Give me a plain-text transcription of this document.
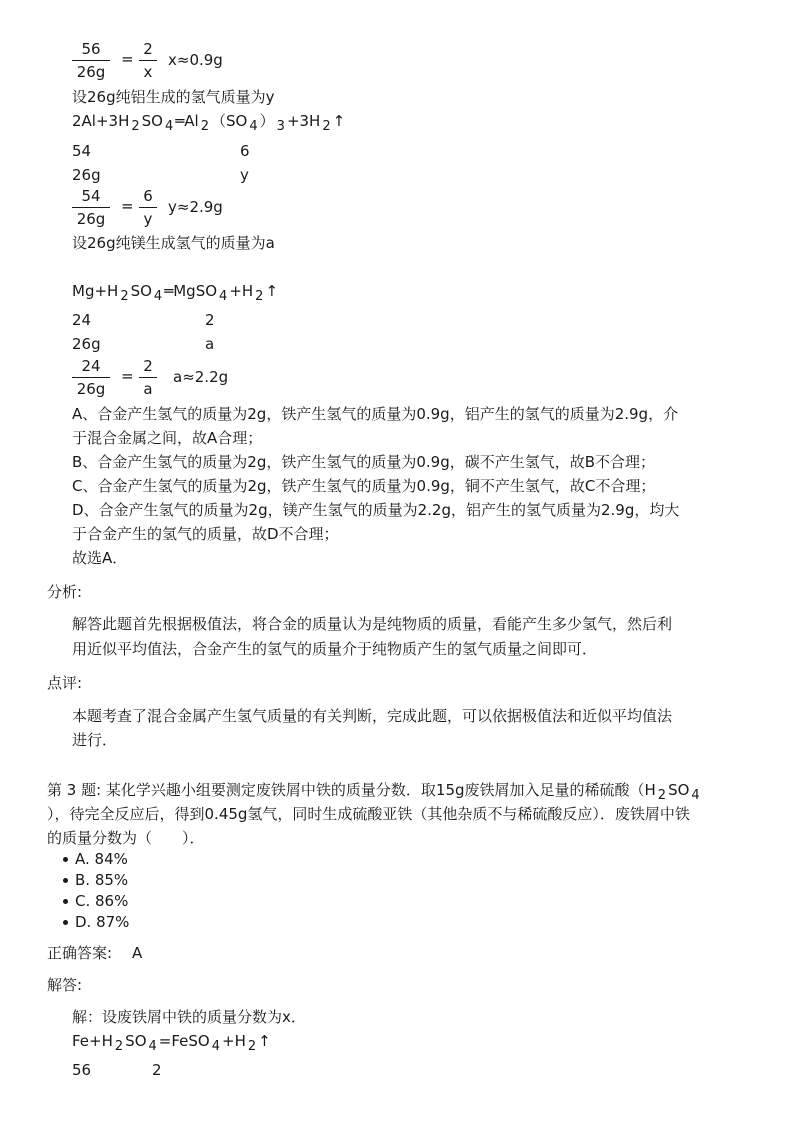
56
26g
=
2
x
x≈0.9g
设26g纯铝生成的氢气质量为y
2Al+3H 2 SO 4 ═Al 2 （SO 4 ） 3 +3H 2 ↑
54	6
26g	y
54
26g
=
6
y
y≈2.9g
设26g纯镁生成氢气的质量为a
Mg+H 2 SO 4 ═MgSO 4 +H 2 ↑
24	2
26g	a
24
26g
=
2
a
a≈2.2g
A、合金产生氢气的质量为2g，铁产生氢气的质量为0.9g，铝产生的氢气的质量为2.9g，介
于混合金属之间，故A合理；
B、合金产生氢气的质量为2g，铁产生氢气的质量为0.9g，碳不产生氢气，故B不合理；
C、合金产生氢气的质量为2g，铁产生氢气的质量为0.9g，铜不产生氢气，故C不合理；
D、合金产生氢气的质量为2g，镁产生氢气的质量为2.2g，铝产生的氢气质量为2.9g，均大
于合金产生的氢气的质量，故D不合理；
故选A．
分析:
解答此题首先根据极值法，将合金的质量认为是纯物质的质量，看能产生多少氢气，然后利
用近似平均值法，合金产生的氢气的质量介于纯物质产生的氢气质量之间即可．
点评:
本题考查了混合金属产生氢气质量的有关判断，完成此题，可以依据极值法和近似平均值法
进行．
第 3 题: 某化学兴趣小组要测定废铁屑中铁的质量分数．取15g废铁屑加入足量的稀硫酸（H 2 SO 4
），待完全反应后，得到0.45g氢气，同时生成硫酸亚铁（其他杂质不与稀硫酸反应）．废铁屑中铁
的质量分数为（　　）．
A. 84%
B. 85%
C. 86%
D. 87%
正确答案: A
解答:
解：设废铁屑中铁的质量分数为x．
Fe+H 2 SO 4 =FeSO 4 +H 2 ↑
56	2
